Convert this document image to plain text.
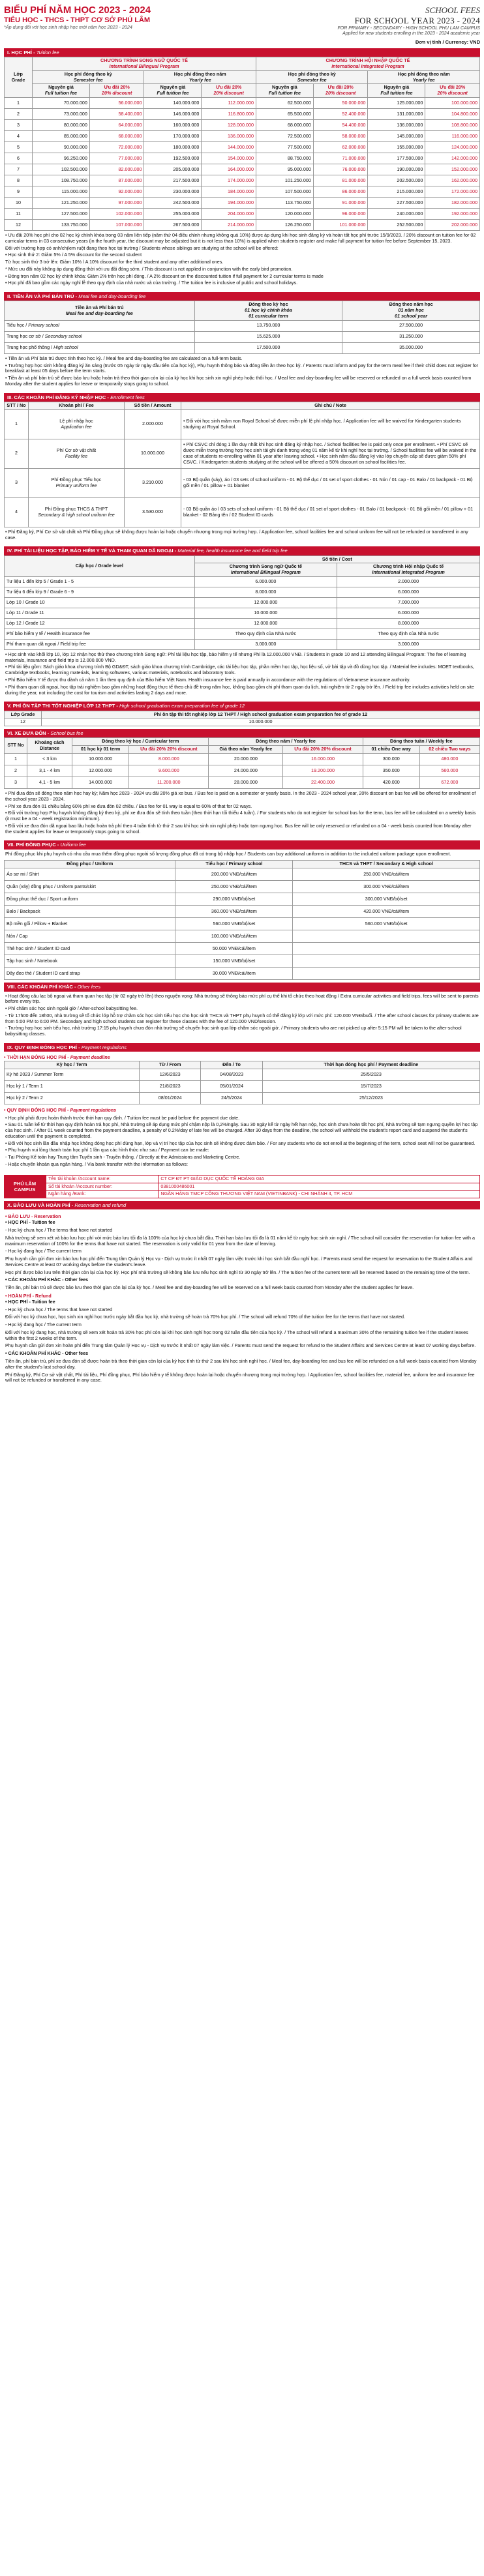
BIỂU PHÍ NĂM HỌC 2023 - 2024
TIỂU HỌC - THCS - THPT CƠ SỞ PHÚ LÂM
*Áp dụng đối với học sinh nhập học mới năm học 2023 - 2024
SCHOOL FEES
FOR SCHOOL YEAR 2023 - 2024
FOR PRIMARY - SECONDARY - HIGH SCHOOL PHU LAM CAMPUS
Applied for new students enrolling in the 2023 - 2024 academic year
Đơn vị tính / Currency: VND
I. HỌC PHÍ - Tuition fee
Lớp Grade	CHƯƠNG TRÌNH SONG NGỮ QUỐC TẾ
International Bilingual Program				CHƯƠNG TRÌNH HỘI NHẬP QUỐC TẾ
International Integrated Program			
	Học phí đóng theo kỳ
Semester fee		Học phí đóng theo năm
Yearly fee		Học phí đóng theo kỳ
Semester fee		Học phí đóng theo năm
Yearly fee	
	Nguyên giá
Full tuition fee	Ưu đãi 20%
20% discount	Nguyên giá
Full tuition fee	Ưu đãi 20%
20% discount	Nguyên giá
Full tuition fee	Ưu đãi 20%
20% discount	Nguyên giá
Full tuition fee	Ưu đãi 20%
20% discount
1	70.000.000	56.000.000	140.000.000	112.000.000	62.500.000	50.000.000	125.000.000	100.000.000
2	73.000.000	58.400.000	146.000.000	116.800.000	65.500.000	52.400.000	131.000.000	104.800.000
3	80.000.000	64.000.000	160.000.000	128.000.000	68.000.000	54.400.000	136.000.000	108.800.000
4	85.000.000	68.000.000	170.000.000	136.000.000	72.500.000	58.000.000	145.000.000	116.000.000
5	90.000.000	72.000.000	180.000.000	144.000.000	77.500.000	62.000.000	155.000.000	124.000.000
6	96.250.000	77.000.000	192.500.000	154.000.000	88.750.000	71.000.000	177.500.000	142.000.000
7	102.500.000	82.000.000	205.000.000	164.000.000	95.000.000	76.000.000	190.000.000	152.000.000
8	108.750.000	87.000.000	217.500.000	174.000.000	101.250.000	81.000.000	202.500.000	162.000.000
9	115.000.000	92.000.000	230.000.000	184.000.000	107.500.000	86.000.000	215.000.000	172.000.000
10	121.250.000	97.000.000	242.500.000	194.000.000	113.750.000	91.000.000	227.500.000	182.000.000
11	127.500.000	102.000.000	255.000.000	204.000.000	120.000.000	96.000.000	240.000.000	192.000.000
12	133.750.000	107.000.000	267.500.000	214.000.000	126.250.000	101.000.000	252.500.000	202.000.000

• Ưu đãi 20% học phí cho 02 học kỳ chính khóa trong 03 năm liên tiếp (năm thứ 04 điều chỉnh nhưng không quá 10%) được áp dụng khi học sinh đăng ký và hoàn tất học phí trước 15/9/2023. / 20% discount on tuition fee for 02 curricular terms in 03 consecutive years (in the fourth year, the discount may be adjusted but it is not less than 10%) is applied when students register and make full payment for tuition fee before September 15, 2023.

Đối với trường hợp có anh/chị/em ruột đang theo học tại trường / Students whose siblings are studying at the school will be offered:

• Học sinh thứ 2: Giảm 5% / A 5% discount for the second student

Từ học sinh thứ 3 trở lên: Giảm 10% / A 10% discount for the third student and any other additional ones.

* Mức ưu đãi này không áp dụng đồng thời với ưu đãi đóng sớm. / This discount is not applied in conjunction with the early bird promotion.

• Đóng trọn năm 02 học kỳ chính khóa: Giảm 2% trên học phí đóng. / A 2% discount on the discounted tuition if full payment for 2 curricular terms is made

• Học phí đã bao gồm các ngày nghỉ lễ theo quy định của nhà nước và của trường. / The tuition fee is inclusive of public and school holidays.

II. TIỀN ĂN VÀ PHÍ BÁN TRÚ - Meal fee and day-boarding fee
Tiền ăn và Phí bán trú
Meal fee and day-boarding fee	Đóng theo kỳ học
01 học kỳ chính khóa
01 curricular term	Đóng theo năm học
01 năm học
01 school year
Tiểu học / Primary school	13.750.000	27.500.000
Trung học cơ sở / Secondary school	15.625.000	31.250.000
Trung học phổ thông / High school	17.500.000	35.000.000

• Tiền ăn và Phí bán trú được tính theo học kỳ. / Meal fee and day-boarding fee are calculated on a full-term basis.

• Trường hợp học sinh không đăng ký ăn sáng (trước 05 ngày từ ngày đầu tiên của học kỳ), Phụ huynh thông báo và đóng tiền ăn theo học kỳ. / Parents must inform and pay for the term meal fee if their child does not register for breakfast at least 05 days before the term starts.

• Tiền ăn và phí bán trú sẽ được bảo lưu hoặc hoàn trả theo thời gian còn lại của kỳ học khi học sinh xin nghỉ phép hoặc thôi học. / Meal fee and day-boarding fee will be reserved or refunded on a full week basis counted from Monday after the student applies for leave or temporarily stops going to school.

III. CÁC KHOẢN PHÍ ĐĂNG KÝ NHẬP HỌC - Enrollment fees
STT / No	Khoản phí / Fee	Số tiền / Amount	Ghi chú / Note
1	Lệ phí nhập học
Application fee	2.000.000	• Đối với học sinh mầm non Royal School sẽ được miễn phí lệ phí nhập học. / Application fee will be waived for Kindergarten students studying at Royal School.
2	Phí Cơ sở vật chất
Facility fee	10.000.000	• Phí CSVC chỉ đóng 1 lần duy nhất khi học sinh đăng ký nhập học. / School facilities fee is paid only once per enrollment. • Phí CSVC sẽ được miễn trong trường hợp học sinh tái ghi danh trong vòng 01 năm kể từ khi nghỉ học tại trường. / School facilities fee will be waived in the case of students re-enrolling within 01 year after leaving school. • Học sinh năm đầu đăng ký vào lớp chuyển cấp sẽ được giảm 50% phí CSVC. / Kindergarten students studying at the school will be offered a 50% discount on school facilities fee.
3	Phí Đồng phục Tiểu học
Primary uniform fee	3.210.000	- 03 Bộ quần (váy), áo / 03 sets of school uniform - 01 Bộ thể dục / 01 set of sport clothes - 01 Nón / 01 cap - 01 Balo / 01 backpack - 01 Bộ gối mền / 01 pillow + 01 blanket
4	Phí Đồng phục THCS & THPT
Secondary & high school uniform fee	3.530.000	- 03 Bộ quần áo / 03 sets of school uniform - 01 Bộ thể dục / 01 set of sport clothes - 01 Balo / 01 backpack - 01 Bộ gối mền / 01 pillow + 01 blanket - 02 Bảng tên / 02 Student ID cards

• Phí Đăng ký, Phí Cơ sở vật chất và Phí Đồng phục sẽ không được hoàn lại hoặc chuyển nhượng trong mọi trường hợp. / Application fee, school facilities fee and school uniform fee will not be refunded or transferred in any case.

IV. PHÍ TÀI LIỆU HỌC TẬP, BẢO HIỂM Y TẾ VÀ THAM QUAN DÃ NGOẠI - Material fee, health insurance fee and field trip fee
Cấp học / Grade level	Số tiền / Cost	
	Chương trình Song ngữ Quốc tế
International Bilingual Program	Chương trình Hội nhập Quốc tế
International Integrated Program
Tư liệu 1 đến lớp 5 / Grade 1 - 5	6.000.000	2.000.000
Tư liệu 6 đến lớp 9 / Grade 6 - 9	8.000.000	6.000.000
Lớp 10 / Grade 10	12.000.000	7.000.000
Lớp 11 / Grade 11	10.000.000	6.000.000
Lớp 12 / Grade 12	12.000.000	8.000.000
Phí bảo hiểm y tế / Health insurance fee	Theo quy định của Nhà nước	Theo quy định của Nhà nước
Phí tham quan dã ngoại / Field trip fee	3.000.000	3.000.000

• Học sinh vào khối lớp 10, lớp 12 nhận học thử theo chương trình Song ngữ: Phí tài liệu học tập, bảo hiểm y tế nhưng Phí là 12.000.000 VNĐ. / Students in grade 10 and 12 attending Bilingual Program: The fee of learning materials, insurance and field trip is 12.000.000 VND.

• Phí tài liệu gồm: Sách giáo khoa chương trình Bộ GD&ĐT, sách giáo khoa chương trình Cambridge, các tài liệu học tập, phần mềm học tập, học liệu số, vở bài tập và đồ dùng học tập. / Material fee includes: MOET textbooks, Cambridge textbooks, learning materials, learning softwares, various materials, notebooks and laboratory tools.

• Phí Bảo hiểm Y tế được thu dành cả năm 1 lần theo quy định của Bảo hiểm Việt Nam. Health insurance fee is paid annually in accordance with the regulations of Vietnamese insurance authority.

• Phí tham quan dã ngoại, học tập trải nghiệm bao gồm những hoạt động thực tế theo chủ đề trong năm học, không bao gồm chi phí tham quan du lịch, trải nghiệm từ 2 ngày trở lên. / Field trip fee includes activities held on site during the year, not including the cost for tourism and activities lasting 2 days and more.

V. PHÍ ÔN TẬP THI TỐT NGHIỆP LỚP 12 THPT - High school graduation exam preparation fee of grade 12
Lớp Grade	Phí ôn tập thi tốt nghiệp lớp 12 THPT / High school graduation exam preparation fee of grade 12
12	10.000.000
VI. XE ĐƯA ĐÓN - School bus fee
STT No	Khoảng cách Distance	Đóng theo kỳ học / Curricular term		Đóng theo năm / Yearly fee		Đóng theo tuần / Weekly fee	
		01 học kỳ 01 term	Ưu đãi 20% 20% discount	Giá theo năm Yearly fee	Ưu đãi 20% 20% discount	01 chiều One way	02 chiều Two ways
1	< 3 km	10.000.000	8.000.000	20.000.000	16.000.000	300.000	480.000
2	3,1 - 4 km	12.000.000	9.600.000	24.000.000	19.200.000	350.000	560.000
3	4,1 - 5 km	14.000.000	11.200.000	28.000.000	22.400.000	420.000	672.000

• Phí đưa đón sẽ đóng theo năm học hay kỳ; Năm học 2023 - 2024 ưu đãi 20% giá xe bus. / Bus fee is paid on a semester or yearly basis. In the 2023 - 2024 school year, 20% discount on bus fee will be offered for enrollment of the school year 2023 - 2024.

• Phí xe đưa đón 01 chiều bằng 60% phí xe đưa đón 02 chiều. / Bus fee for 01 way is equal to 60% of that for 02 ways.

• Đối với trường hợp Phụ huynh không đăng ký theo kỳ, phí xe đưa đón sẽ tính theo tuần (theo thời hạn tối thiểu 4 tuần). / For students who do not register for school bus for the term, bus fee will be calculated on a weekly basis (it must be a 04 - week registration minimum).

• Đối với xe đưa đón dã ngoại bao lâu hoặc hoàn trả phí theo 4 tuần tính từ thứ 2 sau khi học sinh xin nghỉ phép hoặc tạm ngưng học. Bus fee will be only reserved or refunded on a 04 - week basis counted from Monday after the student applies for leave or temporarily stops going to school.

VII. PHÍ ĐỒNG PHỤC - Uniform fee

Phí đồng phục khi phụ huynh có nhu cầu mua thêm đồng phục ngoài số lượng đồng phục đã có trong bộ nhập học / Students can buy additional uniforms in addition to the included uniform package upon enrollment.

Đồng phục / Uniform	Tiểu học / Primary school	THCS và THPT / Secondary & High school
Áo sơ mi / Shirt	200.000 VNĐ/cái/item	250.000 VNĐ/cái/item
Quần (váy) đồng phục / Uniform pants/skirt	250.000 VNĐ/cái/item	300.000 VNĐ/cái/item
Đồng phục thể dục / Sport uniform	290.000 VNĐ/bộ/set	300.000 VNĐ/bộ/set
Balo / Backpack	360.000 VNĐ/cái/item	420.000 VNĐ/cái/item
Bộ mền gối / Pillow + Blanket	560.000 VNĐ/bộ/set	560.000 VNĐ/bộ/set
Nón / Cap	100.000 VNĐ/cái/item	
Thẻ học sinh / Student ID card	50.000 VNĐ/cái/item	
Tập học sinh / Notebook	150.000 VNĐ/bộ/set	
Dây đeo thẻ / Student ID card strap	30.000 VNĐ/cái/item	
VIII. CÁC KHOẢN PHÍ KHÁC - Other fees

• Hoạt động câu lạc bộ ngoại và tham quan học tập (từ 02 ngày trở lên) theo nguyện vọng: Nhà trường sẽ thông báo mức phí cụ thể khi tổ chức theo hoạt động / Extra curricular activities and field trips, fees will be sent to parents before every trip.

• Phí chăm sóc học sinh ngoài giờ / After-school babysitting fee.

- Từ 17h00 đến 18h00, nhà trường sẽ tổ chức lớp hỗ trợ chăm sóc học sinh tiểu học cho học sinh THCS và THPT phụ huynh có thể đăng ký lớp với mức phí: 120.000 VNĐ/buổi. / The after school classes for primary students are from 5:00 PM to 6:00 PM. Secondary and high school students can register for these classes with the fee of 120.000 VND/session.

- Trường hợp học sinh tiểu học, nhà trường 17:15 phụ huynh chưa đón nhà trường sẽ chuyển học sinh qua lớp chăm sóc ngoài giờ. / Primary students who are not picked up after 5:15 PM will be taken to the after-school babysitting classes.

IX. QUY ĐỊNH ĐÓNG HỌC PHÍ - Payment regulations
• THỜI HẠN ĐÓNG HỌC PHÍ - Payment deadline
Kỳ học / Term	Từ / From	Đến / To	Thời hạn đóng học phí / Payment deadline
Kỳ hè 2023 / Summer Term	12/6/2023	04/08/2023	25/5/2023
Học kỳ 1 / Term 1	21/8/2023	05/01/2024	15/7/2023
Học kỳ 2 / Term 2	08/01/2024	24/5/2024	25/12/2023
• QUY ĐỊNH ĐÓNG HỌC PHÍ - Payment regulations

• Học phí phải được hoàn thành trước thời hạn quy định. / Tuition fee must be paid before the payment due date.

• Sau 01 tuần kể từ thời hạn quy định hoàn trả học phí, Nhà trường sẽ áp dụng mức phí chậm nộp là 0,2%/ngày. Sau 30 ngày kể từ ngày hết hạn nộp, học sinh chưa hoàn tất học phí, Nhà trường sẽ tạm ngưng quyền lợi học tập của học sinh. / After 01 week counted from the payment deadline, a penalty of 0.2%/day of late fee will be charged. After 30 days from the deadline, the school will withhold the student's report card and suspend the student's education until the payment is completed.

• Đối với học sinh lần đầu nhập học không đóng học phí đúng hạn, lớp và vị trí học tập của học sinh sẽ không được đảm bảo. / For any students who do not enroll at the beginning of the term, school seat will not be guaranteed.

• Phụ huynh vui lòng thanh toán học phí 1 lần qua các hình thức như sau / Payment can be made:

- Tại Phòng Kế toán hay Trung tâm Tuyển sinh - Truyền thông. / Directly at the Admissions and Marketing Centre.

- Hoặc chuyển khoản qua ngân hàng. / Via bank transfer with the information as follows:

PHÚ LÂM CAMPUS
Tên tài khoản /Account name:	CT CP ĐT PT GIÁO DỤC QUỐC TẾ HOÀNG GIA
Số tài khoản /Account number:	0381000486001
Ngân hàng /Bank:	NGÂN HÀNG TMCP CÔNG THƯƠNG VIỆT NAM (VIETINBANK) - CHI NHÁNH 4, TP. HCM
X. BẢO LƯU VÀ HOÀN PHÍ - Reservation and refund
• BẢO LƯU - Reservation

• HỌC PHÍ - Tuition fee

- Học kỳ chưa học / The terms that have not started

Nhà trường sẽ xem xét và bảo lưu học phí với mức bảo lưu tối đa là 100% của học kỳ chưa bắt đầu. Thời hạn bảo lưu tối đa là 01 năm kể từ ngày học sinh xin nghỉ. / The school will consider the reservation for tuition fee with a maximum reservation of 100% for the terms that have not started. The reservation is only valid for 01 year from the date of leaving.

- Học kỳ đang học / The current term

Phụ huynh cần gửi đơn xin bảo lưu học phí đến Trung tâm Quản lý Học vụ - Dịch vụ trước ít nhất 07 ngày làm việc trước khi học sinh bắt đầu nghỉ học. / Parents must send the request for reservation to the Student Affairs and Services Centre at least 07 working days before the student's leave.

Học phí được bảo lưu trên thời gian còn lại của học kỳ. Học phí nhà trường sẽ không bảo lưu nếu học sinh nghỉ từ 30 ngày trở lên. / The tuition fee of the current term will be reserved based on the remaining time of the term.

• CÁC KHOẢN PHÍ KHÁC - Other fees

Tiền ăn, phí bán trú sẽ được bảo lưu theo thời gian còn lại của kỳ học. / Meal fee and day-boarding fee will be reserved on a full week basis counted from Monday after the student applies for leave.

• HOÀN PHÍ - Refund

• HỌC PHÍ - Tuition fee

- Học kỳ chưa học / The terms that have not started

Đối với học kỳ chưa học, học sinh xin nghỉ học trước ngày bắt đầu học kỳ, nhà trường sẽ hoàn trả 70% học phí. / The school will refund 70% of the tuition fee for the terms that have not started.

- Học kỳ đang học / The current term

Đối với học kỳ đang học, nhà trường sẽ xem xét hoàn trả 30% học phí còn lại khi học sinh nghỉ học trong 02 tuần đầu tiên của học kỳ. / The school will refund a maximum 30% of the remaining tuition fee if the student leaves within the first 2 weeks of the term.

Phụ huynh cần gửi đơn xin hoàn phí đến Trung tâm Quản lý Học vụ - Dịch vụ trước ít nhất 07 ngày làm việc. / Parents must send the request for refund to the Student Affairs and Services Centre at least 07 working days before.

• CÁC KHOẢN PHÍ KHÁC - Other fees

Tiền ăn, phí bán trú, phí xe đưa đón sẽ được hoàn trả theo thời gian còn lại của kỳ học tính từ thứ 2 sau khi học sinh nghỉ học. / Meal fee, day-boarding fee and bus fee will be refunded on a full week basis counted from Monday after the student's last school day.

Phí Đăng ký, Phí Cơ sở vật chất, Phí tài liệu, Phí đồng phục, Phí bảo hiểm y tế không được hoàn lại hoặc chuyển nhượng trong mọi trường hợp. / Application fee, school facilities fee, material fee, uniform fee and insurance fee will not be refunded or transferred in any case.
